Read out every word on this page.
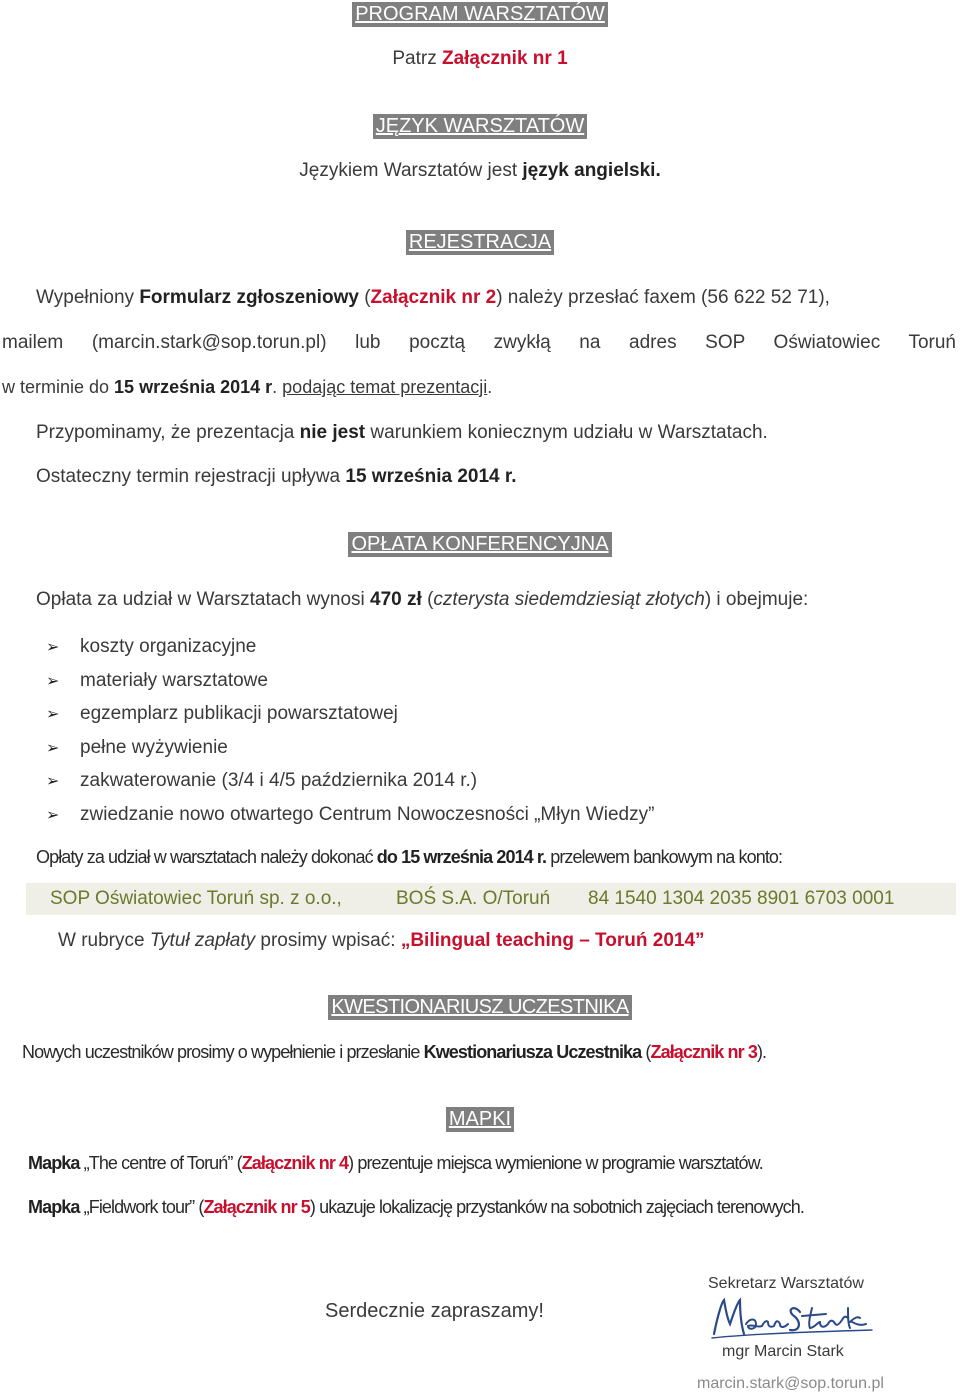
PROGRAM WARSZTATÓW
Patrz Załącznik nr 1
JĘZYK WARSZTATÓW
Językiem Warsztatów jest język angielski.
REJESTRACJA
Wypełniony Formularz zgłoszeniowy (Załącznik nr 2) należy przesłać faxem (56 622 52 71),
mailem (marcin.stark@sop.torun.pl) lub pocztą zwykłą na adres SOP Oświatowiec Toruń
w terminie do 15 września 2014 r. podając temat prezentacji.
Przypominamy, że prezentacja nie jest warunkiem koniecznym udziału w Warsztatach.
Ostateczny termin rejestracji upływa 15 września 2014 r.
OPŁATA KONFERENCYJNA
Opłata za udział w Warsztatach wynosi 470 zł (czterysta siedemdziesiąt złotych) i obejmuje:
➢ koszty organizacyjne
➢ materiały warsztatowe
➢ egzemplarz publikacji powarsztatowej
➢ pełne wyżywienie
➢ zakwaterowanie (3/4 i 4/5 października 2014 r.)
➢ zwiedzanie nowo otwartego Centrum Nowoczesności „Młyn Wiedzy”
Opłaty za udział w warsztatach należy dokonać do 15 września 2014 r. przelewem bankowym na konto:
SOP Oświatowiec Toruń sp. z o.o.,	BOŚ S.A. O/Toruń 84 1540 1304 2035 8901 6703 0001
W rubryce Tytuł zapłaty prosimy wpisać: „Bilingual teaching – Toruń 2014”
KWESTIONARIUSZ UCZESTNIKA
Nowych uczestników prosimy o wypełnienie i przesłanie Kwestionariusza Uczestnika (Załącznik nr 3).
MAPKI
Mapka „The centre of Toruń” (Załącznik nr 4) prezentuje miejsca wymienione w programie warsztatów.
Mapka „Fieldwork tour” (Załącznik nr 5) ukazuje lokalizację przystanków na sobotnich zajęciach terenowych.
Serdecznie zapraszamy!
Sekretarz Warsztatów
mgr Marcin Stark
marcin.stark@sop.torun.pl
